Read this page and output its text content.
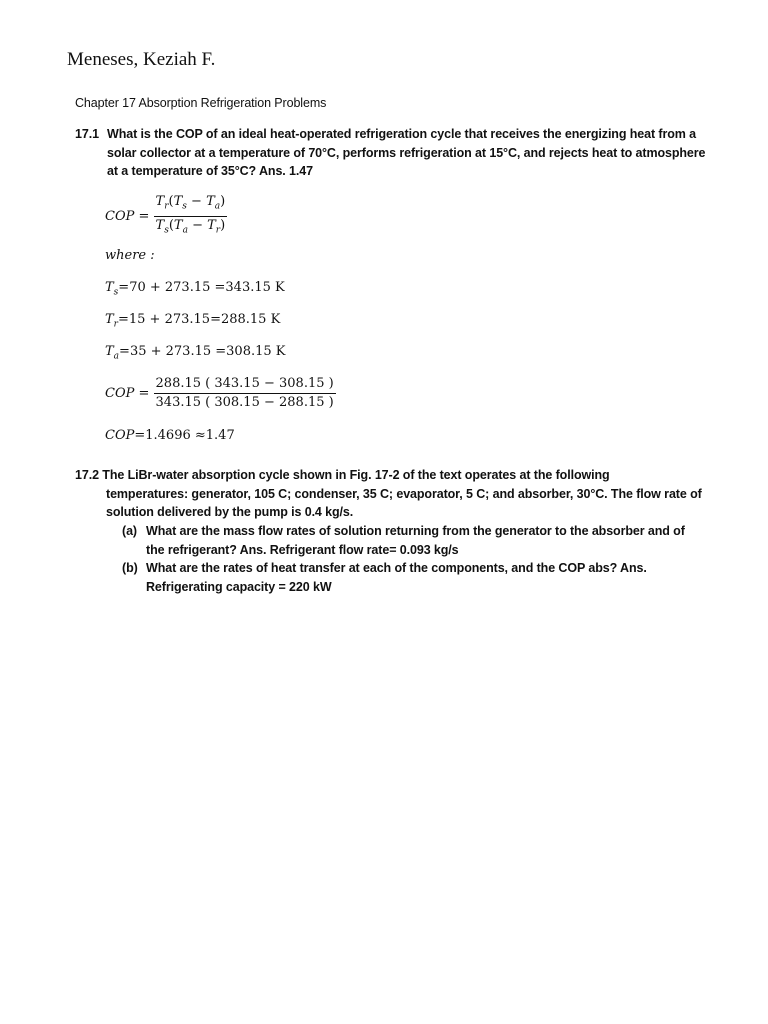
Meneses, Keziah F.
Chapter 17 Absorption Refrigeration Problems
17.1 What is the COP of an ideal heat-operated refrigeration cycle that receives the energizing heat from a solar collector at a temperature of 70°C, performs refrigeration at 15°C, and rejects heat to atmosphere at a temperature of 35°C? Ans. 1.47
COP = $\frac{T_r(T_s - T_a)}{T_s(T_a - T_r)}$
where :
$T_s=70 + 273.15 =343.15$ K
$T_r=15 + 273.15=288.15$ K
$T_a=35 + 273.15 =308.15$ K
COP = $\frac{288.15 ( 343.15 - 308.15 )}{343.15 ( 308.15 - 288.15 )}$
COP=1.4696 ≈1.47
17.2 The LiBr-water absorption cycle shown in Fig. 17-2 of the text operates at the following
temperatures: generator, 105 C; condenser, 35 C; evaporator, 5 C; and absorber, 30°C. The flow rate of solution delivered by the pump is 0.4 kg/s.
(a) What are the mass flow rates of solution returning from the generator to the absorber and of the refrigerant? Ans. Refrigerant flow rate= 0.093 kg/s
(b) What are the rates of heat transfer at each of the components, and the COP abs? Ans. Refrigerating capacity = 220 kW
